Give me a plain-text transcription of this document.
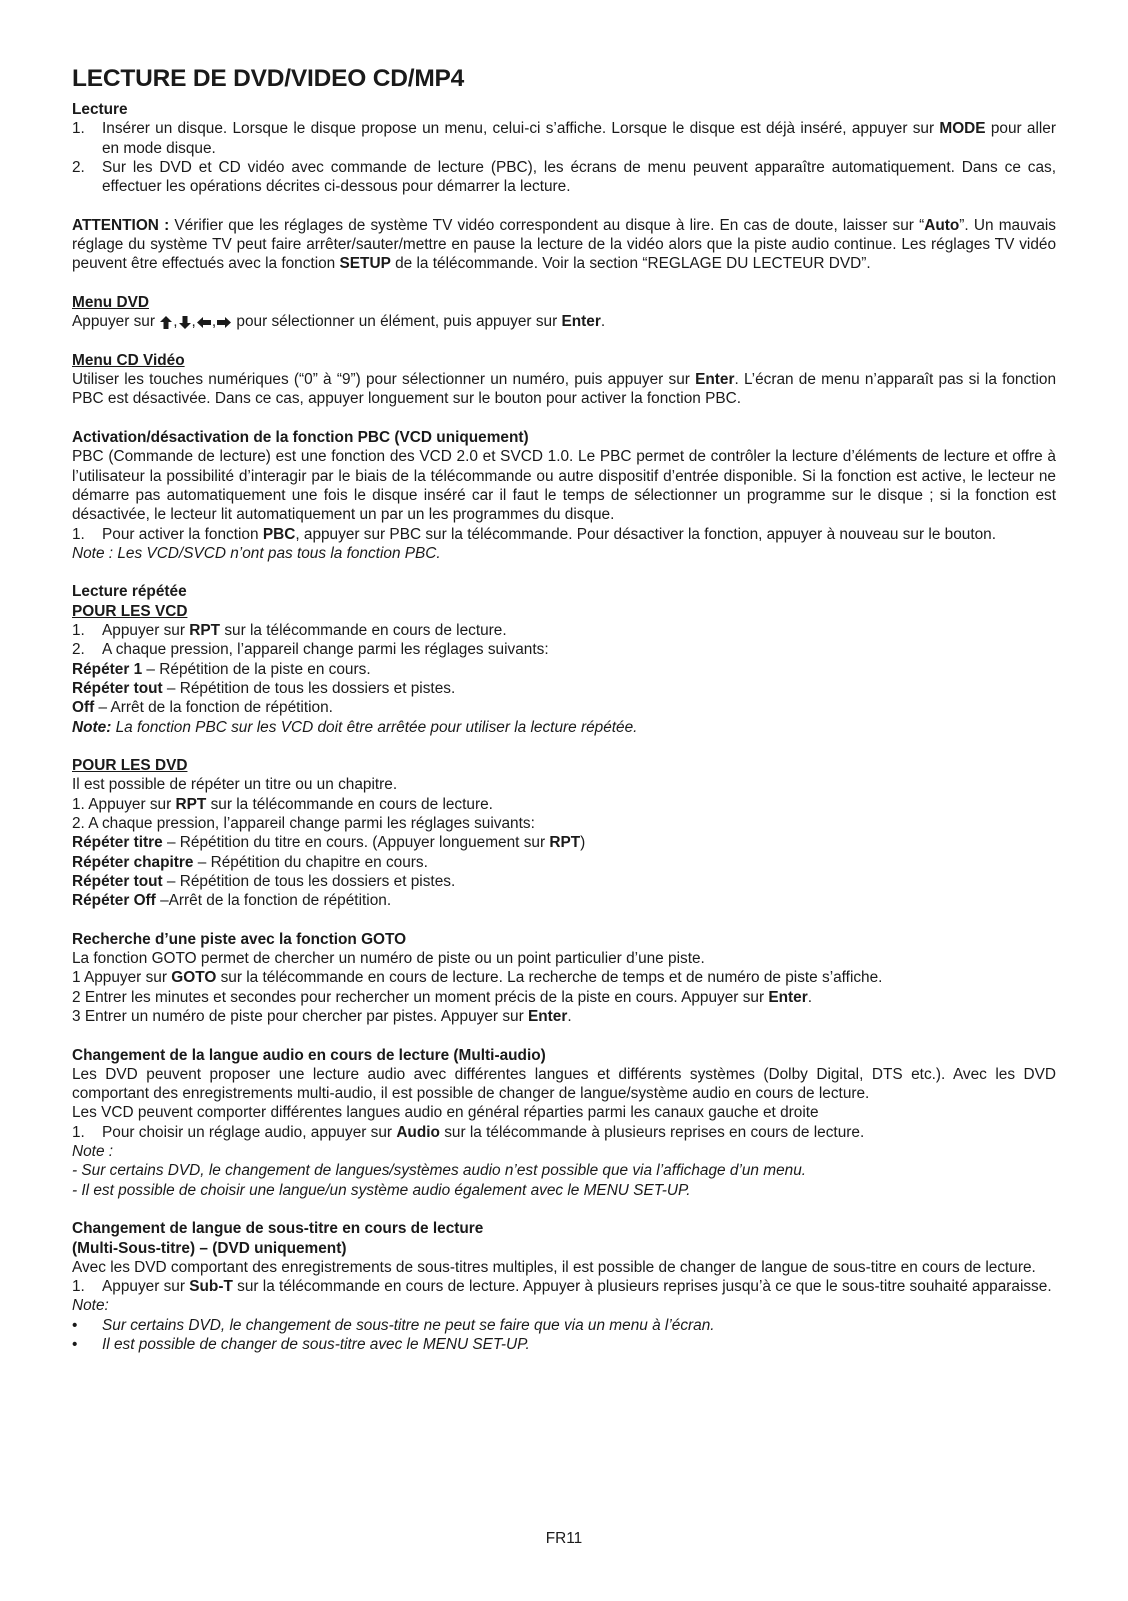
LECTURE DE DVD/VIDEO CD/MP4

Lecture

1. Insérer un disque. Lorsque le disque propose un menu, celui-ci s’affiche. Lorsque le disque est déjà inséré, appuyer sur MODE pour aller en mode disque.
2. Sur les DVD et CD vidéo avec commande de lecture (PBC), les écrans de menu peuvent apparaître automatiquement. Dans ce cas, effectuer les opérations décrites ci-dessous pour démarrer la lecture.

ATTENTION : Vérifier que les réglages de système TV vidéo correspondent au disque à lire. En cas de doute, laisser sur “Auto”. Un mauvais réglage du système TV peut faire arrêter/sauter/mettre en pause la lecture de la vidéo alors que la piste audio continue. Les réglages TV vidéo peuvent être effectués avec la fonction SETUP de la télécommande. Voir la section “REGLAGE DU LECTEUR DVD”.

Menu DVD

Appuyer sur , , , pour sélectionner un élément, puis appuyer sur Enter.

Menu CD Vidéo

Utiliser les touches numériques (“0” à “9”) pour sélectionner un numéro, puis appuyer sur Enter. L’écran de menu n’apparaît pas si la fonction PBC est désactivée. Dans ce cas, appuyer longuement sur le bouton pour activer la fonction PBC.

Activation/désactivation de la fonction PBC (VCD uniquement)

PBC (Commande de lecture) est une fonction des VCD 2.0 et SVCD 1.0. Le PBC permet de contrôler la lecture d’éléments de lecture et offre à l’utilisateur la possibilité d’interagir par le biais de la télécommande ou autre dispositif d’entrée disponible. Si la fonction est active, le lecteur ne démarre pas automatiquement une fois le disque inséré car il faut le temps de sélectionner un programme sur le disque ; si la fonction est désactivée, le lecteur lit automatiquement un par un les programmes du disque.

1. Pour activer la fonction PBC, appuyer sur PBC sur la télécommande. Pour désactiver la fonction, appuyer à nouveau sur le bouton.

Note : Les VCD/SVCD n’ont pas tous la fonction PBC.

Lecture répétée

POUR LES VCD

1. Appuyer sur RPT sur la télécommande en cours de lecture.
2. A chaque pression, l’appareil change parmi les réglages suivants:

Répéter 1 – Répétition de la piste en cours.

Répéter tout – Répétition de tous les dossiers et pistes.

Off – Arrêt de la fonction de répétition.

Note: La fonction PBC sur les VCD doit être arrêtée pour utiliser la lecture répétée.

POUR LES DVD

Il est possible de répéter un titre ou un chapitre.

1. Appuyer sur RPT sur la télécommande en cours de lecture.

2. A chaque pression, l’appareil change parmi les réglages suivants:

Répéter titre – Répétition du titre en cours. (Appuyer longuement sur RPT)

Répéter chapitre – Répétition du chapitre en cours.

Répéter tout – Répétition de tous les dossiers et pistes.

Répéter Off –Arrêt de la fonction de répétition.

Recherche d’une piste avec la fonction GOTO

La fonction GOTO permet de chercher un numéro de piste ou un point particulier d’une piste.

1 Appuyer sur GOTO sur la télécommande en cours de lecture. La recherche de temps et de numéro de piste s’affiche.

2 Entrer les minutes et secondes pour rechercher un moment précis de la piste en cours. Appuyer sur Enter.

3 Entrer un numéro de piste pour chercher par pistes. Appuyer sur Enter.

Changement de la langue audio en cours de lecture (Multi-audio)

Les DVD peuvent proposer une lecture audio avec différentes langues et différents systèmes (Dolby Digital, DTS etc.). Avec les DVD comportant des enregistrements multi-audio, il est possible de changer de langue/système audio en cours de lecture.

Les VCD peuvent comporter différentes langues audio en général réparties parmi les canaux gauche et droite

1. Pour choisir un réglage audio, appuyer sur Audio sur la télécommande à plusieurs reprises en cours de lecture.

Note :

- Sur certains DVD, le changement de langues/systèmes audio n’est possible que via l’affichage d’un menu.

- Il est possible de choisir une langue/un système audio également avec le MENU SET-UP.

Changement de langue de sous-titre en cours de lecture

(Multi-Sous-titre) – (DVD uniquement)

Avec les DVD comportant des enregistrements de sous-titres multiples, il est possible de changer de langue de sous-titre en cours de lecture.

1. Appuyer sur Sub-T sur la télécommande en cours de lecture. Appuyer à plusieurs reprises jusqu’à ce que le sous-titre souhaité apparaisse.

Note:

• Sur certains DVD, le changement de sous-titre ne peut se faire que via un menu à l’écran.
• Il est possible de changer de sous-titre avec le MENU SET-UP.
FR11
